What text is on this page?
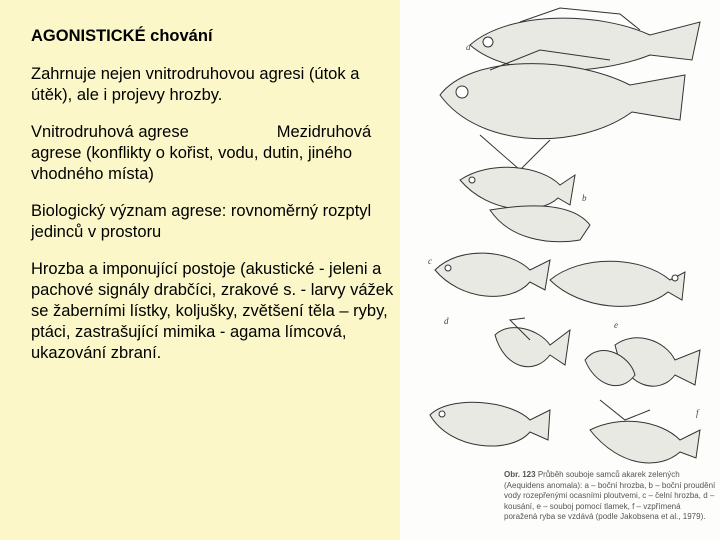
AGONISTICKÉ chování

Zahrnuje nejen vnitrodruhovou agresi (útok a útěk), ale i projevy hrozby.

Vnitrodruhová agrese	Mezidruhová agrese (konflikty o kořist, vodu, dutin, jiného vhodného místa)

Biologický význam agrese: rovnoměrný rozptyl jedinců v prostoru

Hrozba a imponující postoje (akustické - jeleni a pachové signály drabčíci, zrakové s. - larvy vážek se žaberními lístky, koljušky, zvětšení těla – ryby, ptáci, zastrašující mimika - agama límcová, ukazování zbraní.

a
b
c
d	e
f
Obr. 123 Průběh souboje samců akarek zelených (Aequidens anomala): a – boční hrozba, b – boční proudění vody rozepřenými ocasními ploutvemi, c – čelní hrozba, d – kousání, e – souboj pomocí tlamek, f – vzpřímená poražená ryba se vzdává (podle Jakobsena et al., 1979).
